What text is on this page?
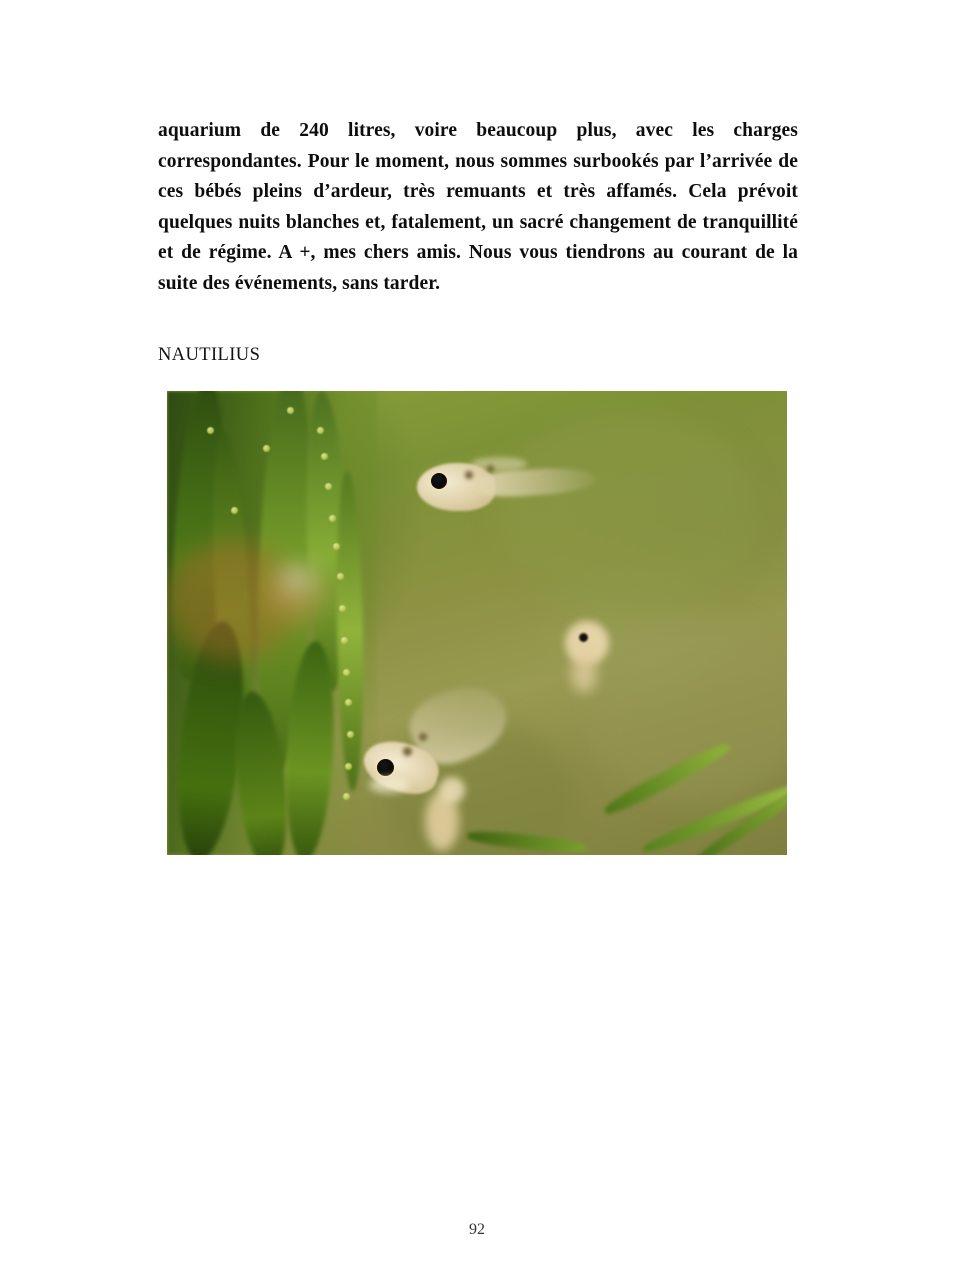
aquarium de 240 litres, voire beaucoup plus, avec les charges correspondantes. Pour le moment, nous sommes surbookés par l’arrivée de ces bébés pleins d’ardeur, très remuants et très affamés. Cela prévoit quelques nuits blanches et, fatalement, un sacré changement de tranquillité et de régime. A +, mes chers amis. Nous vous tiendrons au courant de la suite des événements, sans tarder.
NAUTILIUS
92
